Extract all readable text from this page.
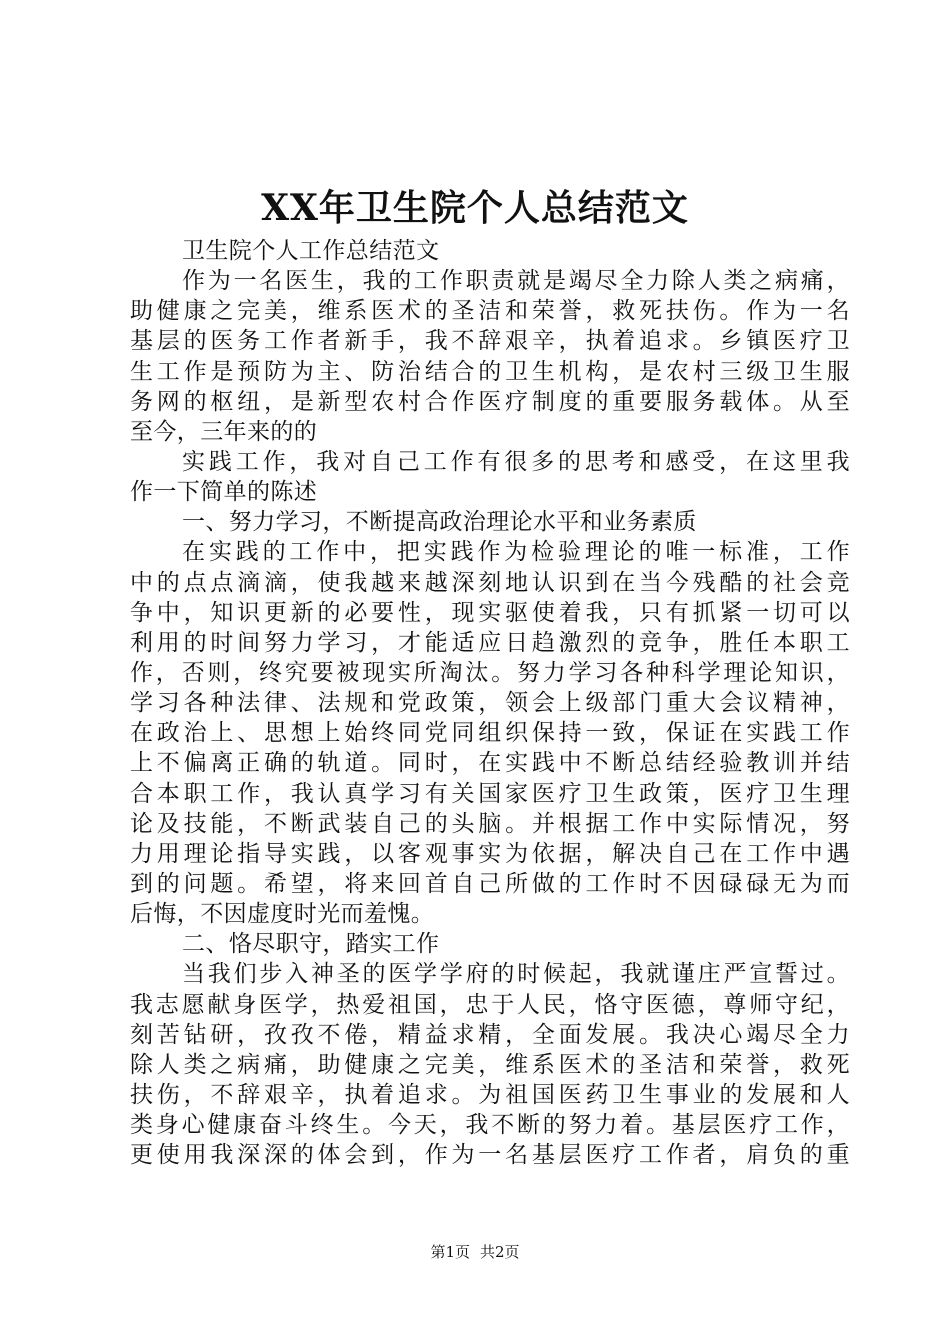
XX年卫生院个人总结范文
卫生院个人工作总结范文
作为一名医生，我的工作职责就是竭尽全力除人类之病痛，
助健康之完美，维系医术的圣洁和荣誉，救死扶伤。作为一名
基层的医务工作者新手，我不辞艰辛，执着追求。乡镇医疗卫
生工作是预防为主、防治结合的卫生机构，是农村三级卫生服
务网的枢纽，是新型农村合作医疗制度的重要服务载体。从至
至今，三年来的的
实践工作，我对自己工作有很多的思考和感受，在这里我
作一下简单的陈述
一、努力学习，不断提高政治理论水平和业务素质
在实践的工作中，把实践作为检验理论的唯一标准，工作
中的点点滴滴，使我越来越深刻地认识到在当今残酷的社会竞
争中，知识更新的必要性，现实驱使着我，只有抓紧一切可以
利用的时间努力学习，才能适应日趋激烈的竞争，胜任本职工
作，否则，终究要被现实所淘汰。努力学习各种科学理论知识，
学习各种法律、法规和党政策，领会上级部门重大会议精神，
在政治上、思想上始终同党同组织保持一致，保证在实践工作
上不偏离正确的轨道。同时，在实践中不断总结经验教训并结
合本职工作，我认真学习有关国家医疗卫生政策，医疗卫生理
论及技能，不断武装自己的头脑。并根据工作中实际情况，努
力用理论指导实践，以客观事实为依据，解决自己在工作中遇
到的问题。希望，将来回首自己所做的工作时不因碌碌无为而
后悔，不因虚度时光而羞愧。
二、恪尽职守，踏实工作
当我们步入神圣的医学学府的时候起，我就谨庄严宣誓过。
我志愿献身医学，热爱祖国，忠于人民，恪守医德，尊师守纪，
刻苦钻研，孜孜不倦，精益求精，全面发展。我决心竭尽全力
除人类之病痛，助健康之完美，维系医术的圣洁和荣誉，救死
扶伤，不辞艰辛，执着追求。为祖国医药卫生事业的发展和人
类身心健康奋斗终生。今天，我不断的努力着。基层医疗工作，
更使用我深深的体会到，作为一名基层医疗工作者，肩负的重
第1页 共2页
